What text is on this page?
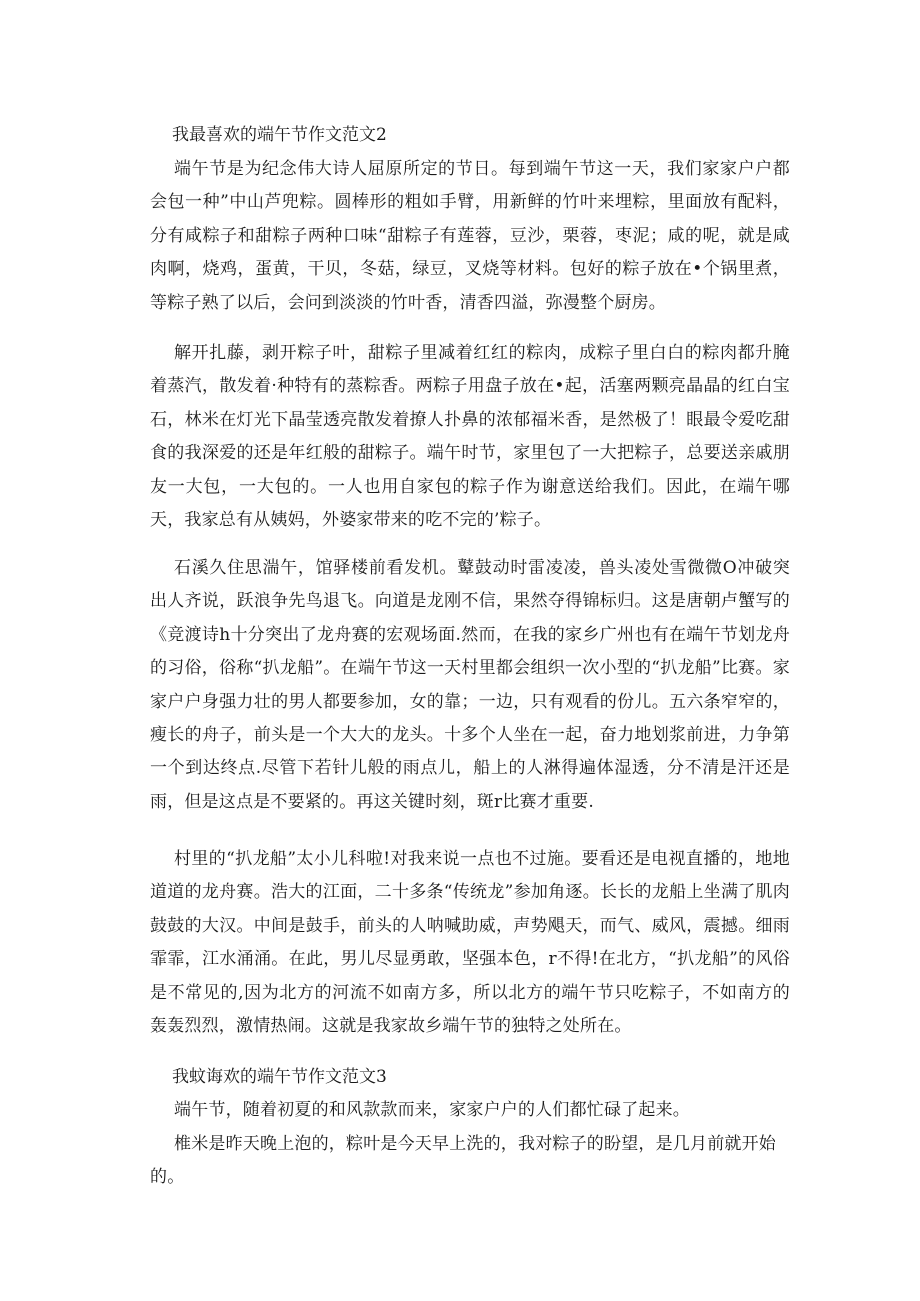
我最喜欢的端午节作文范文2

端午节是为纪念伟大诗人屈原所定的节日。每到端午节这一天，我们家家户户都会包一种”中山芦兜粽。圆棒形的粗如手臂，用新鲜的竹叶来埋粽，里面放有配料，分有咸粽子和甜粽子两种口味“甜粽子有莲蓉，豆沙，栗蓉，枣泥；咸的呢，就是咸肉啊，烧鸡，蛋黄，干贝，冬菇，绿豆，叉烧等材料。包好的粽子放在•个锅里煮，等粽子熟了以后，会问到淡淡的竹叶香，清香四溢，弥漫整个厨房。

解开扎藤，剥开粽子叶，甜粽子里减着红红的粽肉，成粽子里白白的粽肉都升腌着蒸汽，散发着·种特有的蒸粽香。两粽子用盘子放在•起，活塞两颗亮晶晶的红白宝石，林米在灯光下晶莹透亮散发着撩人扑鼻的浓郁福米香，是然极了！眼最令爱吃甜食的我深爱的还是年红般的甜粽子。端午时节，家里包了一大把粽子，总要送亲戚朋友一大包，一大包的。一人也用自家包的粽子作为谢意送给我们。因此，在端午哪天，我家总有从姨妈，外婆家带来的吃不完的’粽子。

石溪久住思湍午，馆驿楼前看发机。鼙鼓动时雷凌凌，兽头凌处雪微微O冲破突出人齐说，跃浪争先鸟退飞。向道是龙刚不信，果然夺得锦标归。这是唐朝卢蟹写的《竞渡诗h十分突出了龙舟赛的宏观场面.然而，在我的家乡广州也有在端午节划龙舟的习俗，俗称“扒龙船”。在端午节这一天村里都会组织一次小型的“扒龙船”比赛。家家户户身强力壮的男人都要参加，女的靠；一边，只有观看的份儿。五六条窄窄的，瘦长的舟子，前头是一个大大的龙头。十多个人坐在一起，奋力地划浆前进，力争第一个到达终点.尽管下若针儿般的雨点儿，船上的人淋得遍体湿透，分不清是汗还是雨，但是这点是不要紧的。再这关键时刻，斑r比赛才重要.

村里的“扒龙船”太小儿科啦!对我来说一点也不过施。要看还是电视直播的，地地道道的龙舟赛。浩大的江面，二十多条“传统龙”参加角逐。长长的龙船上坐满了肌肉鼓鼓的大汉。中间是鼓手，前头的人呐喊助威，声势飓天，而气、威风，震撼。细雨霏霏，江水涌涌。在此，男儿尽显勇敢，坚强本色，r不得!在北方，“扒龙船”的风俗是不常见的,因为北方的河流不如南方多，所以北方的端午节只吃粽子，不如南方的轰轰烈烈，激情热闹。这就是我家故乡端午节的独特之处所在。

我蚊诲欢的端午节作文范文3

端午节，随着初夏的和风款款而来，家家户户的人们都忙碌了起来。

椎米是昨天晚上泡的，粽叶是今天早上洗的，我对粽子的盼望，是几月前就开始的。
